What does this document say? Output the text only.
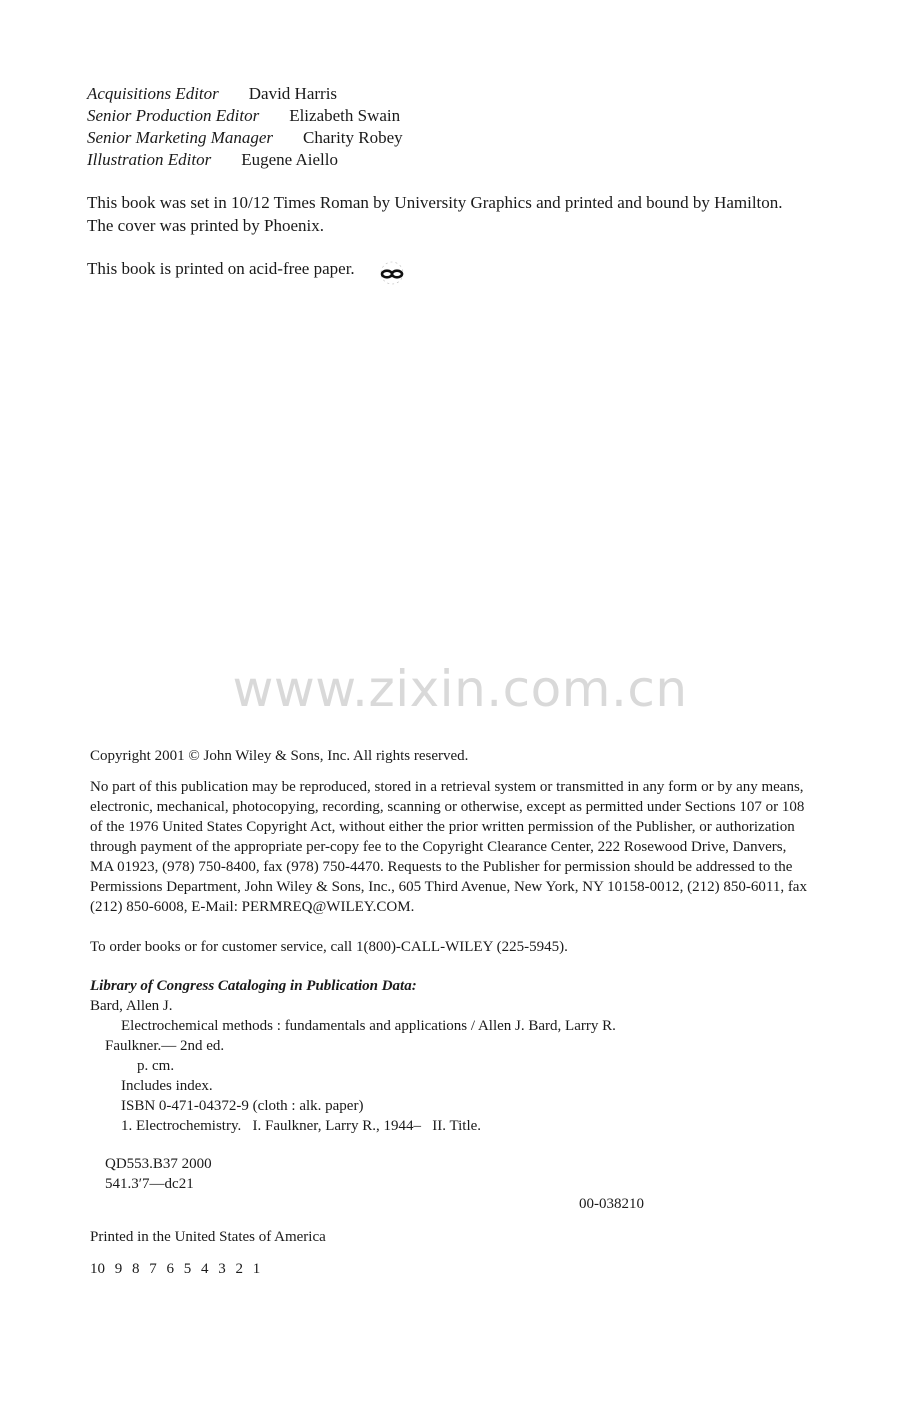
Acquisitions Editor David Harris
Senior Production Editor Elizabeth Swain
Senior Marketing Manager Charity Robey
Illustration Editor Eugene Aiello
This book was set in 10/12 Times Roman by University Graphics and printed and bound by Hamilton. The cover was printed by Phoenix.
This book is printed on acid-free paper.
www.zixin.com.cn
Copyright 2001 © John Wiley & Sons, Inc. All rights reserved.
No part of this publication may be reproduced, stored in a retrieval system or transmitted in any form or by any means, electronic, mechanical, photocopying, recording, scanning or otherwise, except as permitted under Sections 107 or 108 of the 1976 United States Copyright Act, without either the prior written permission of the Publisher, or authorization through payment of the appropriate per-copy fee to the Copyright Clearance Center, 222 Rosewood Drive, Danvers, MA 01923, (978) 750-8400, fax (978) 750-4470. Requests to the Publisher for permission should be addressed to the Permissions Department, John Wiley & Sons, Inc., 605 Third Avenue, New York, NY 10158-0012, (212) 850-6011, fax (212) 850-6008, E-Mail: PERMREQ@WILEY.COM.
To order books or for customer service, call 1(800)-CALL-WILEY (225-5945).
Library of Congress Cataloging in Publication Data:
Bard, Allen J.
Electrochemical methods : fundamentals and applications / Allen J. Bard, Larry R.
Faulkner.— 2nd ed.
p. cm.
Includes index.
ISBN 0-471-04372-9 (cloth : alk. paper)
1. Electrochemistry.   I. Faulkner, Larry R., 1944–   II. Title.
QD553.B37 2000
541.3′7—dc21
00-038210
Printed in the United States of America
10 9 8 7 6 5 4 3 2 1
